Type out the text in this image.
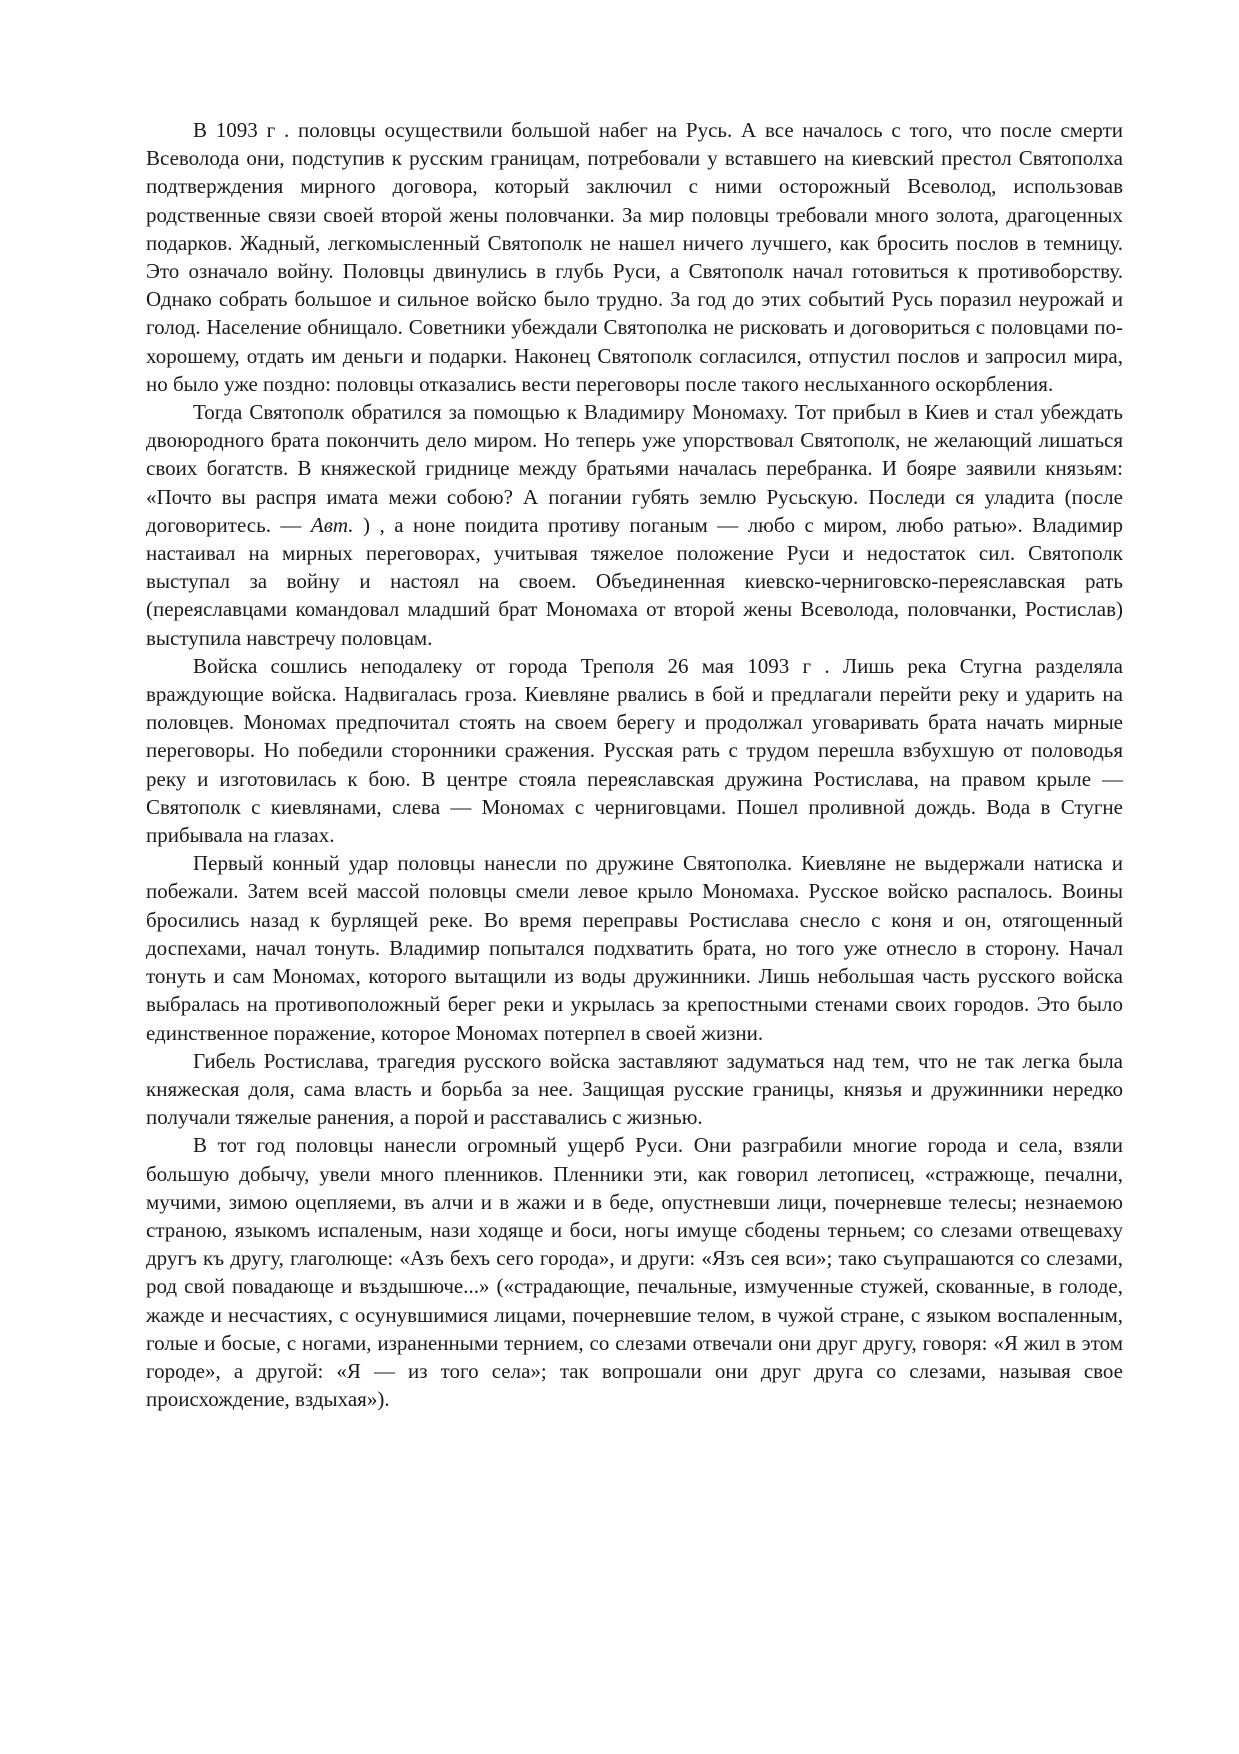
В 1093 г . половцы осуществили большой набег на Русь. А все началось с того, что после смерти Всеволода они, подступив к русским границам, потребовали у вставшего на киевский престол Святополха подтверждения мирного договора, который заключил с ними осторожный Всеволод, использовав родственные связи своей второй жены половчанки. За мир половцы требовали много золота, драгоценных подарков. Жадный, легкомысленный Святополк не нашел ничего лучшего, как бросить послов в темницу. Это означало войну. Половцы двинулись в глубь Руси, а Святополк начал готовиться к противоборству. Однако собрать большое и сильное войско было трудно. За год до этих событий Русь поразил неурожай и голод. Население обнищало. Советники убеждали Святополка не рисковать и договориться с половцами по-хорошему, отдать им деньги и подарки. Наконец Святополк согласился, отпустил послов и запросил мира, но было уже поздно: половцы отказались вести переговоры после такого неслыханного оскорбления.

Тогда Святополк обратился за помощью к Владимиру Мономаху. Тот прибыл в Киев и стал убеждать двоюродного брата покончить дело миром. Но теперь уже упорствовал Святополк, не желающий лишаться своих богатств. В княжеской гриднице между братьями началась перебранка. И бояре заявили князьям: «Почто вы распря имата межи собою? А погании губять землю Русьскую. Последи ся уладита (после договоритесь. — Авт. ) , а ноне поидита противу поганым — любо с миром, любо ратью». Владимир настаивал на мирных переговорах, учитывая тяжелое положение Руси и недостаток сил. Святополк выступал за войну и настоял на своем. Объединенная киевско-черниговско-переяславская рать (переяславцами командовал младший брат Мономаха от второй жены Всеволода, половчанки, Ростислав) выступила навстречу половцам.

Войска сошлись неподалеку от города Треполя 26 мая 1093 г . Лишь река Стугна разделяла враждующие войска. Надвигалась гроза. Киевляне рвались в бой и предлагали перейти реку и ударить на половцев. Мономах предпочитал стоять на своем берегу и продолжал уговаривать брата начать мирные переговоры. Но победили сторонники сражения. Русская рать с трудом перешла взбухшую от половодья реку и изготовилась к бою. В центре стояла переяславская дружина Ростислава, на правом крыле — Святополк с киевлянами, слева — Мономах с черниговцами. Пошел проливной дождь. Вода в Стугне прибывала на глазах.

Первый конный удар половцы нанесли по дружине Святополка. Киевляне не выдержали натиска и побежали. Затем всей массой половцы смели левое крыло Мономаха. Русское войско распалось. Воины бросились назад к бурлящей реке. Во время переправы Ростислава снесло с коня и он, отягощенный доспехами, начал тонуть. Владимир попытался подхватить брата, но того уже отнесло в сторону. Начал тонуть и сам Мономах, которого вытащили из воды дружинники. Лишь небольшая часть русского войска выбралась на противоположный берег реки и укрылась за крепостными стенами своих городов. Это было единственное поражение, которое Мономах потерпел в своей жизни.

Гибель Ростислава, трагедия русского войска заставляют задуматься над тем, что не так легка была княжеская доля, сама власть и борьба за нее. Защищая русские границы, князья и дружинники нередко получали тяжелые ранения, а порой и расставались с жизнью.

В тот год половцы нанесли огромный ущерб Руси. Они разграбили многие города и села, взяли большую добычу, увели много пленников. Пленники эти, как говорил летописец, «стражюще, печални, мучими, зимою оцепляеми, въ алчи и в жажи и в беде, опустневши лици, почерневше телесы; незнаемою страною, языкомъ испаленым, нази ходяще и боси, ногы имуще сбодены терньем; со слезами отвещеваху другъ къ другу, глаголюще: «Азъ бехъ сего города», и други: «Язъ сея вси»; тако съупрашаются со слезами, род свой повадающе и въздышюче...» («страдающие, печальные, измученные стужей, скованные, в голоде, жажде и несчастиях, с осунувшимися лицами, почерневшие телом, в чужой стране, с языком воспаленным, голые и босые, с ногами, израненными терние​м, со слезами отвечали они друг другу, говоря: «Я жил в этом городе», а другой: «Я — из того села»; так вопрошали они друг друга со слезами, называя свое происхождение, вздыхая»).
